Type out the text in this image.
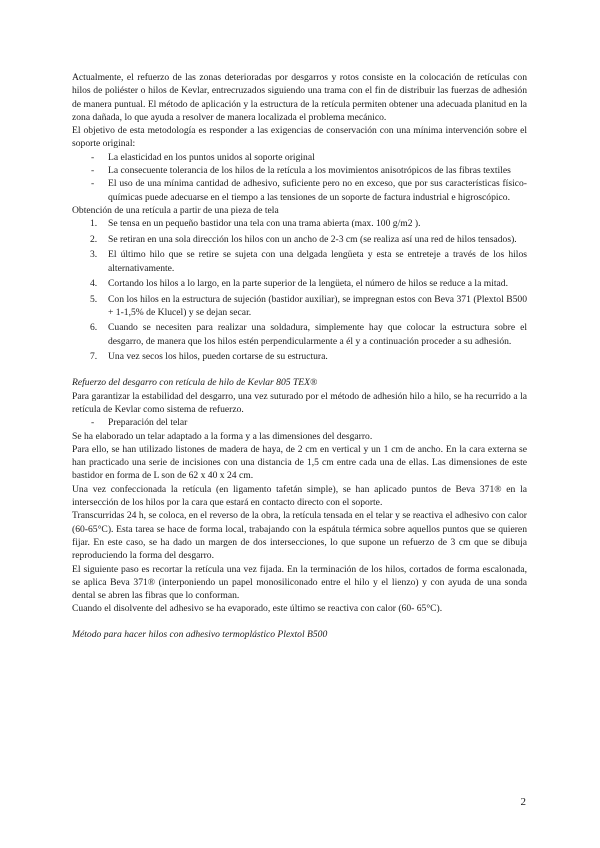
Actualmente, el refuerzo de las zonas deterioradas por desgarros y rotos consiste en la colocación de retículas con hilos de poliéster o hilos de Kevlar, entrecruzados siguiendo una trama con el fin de distribuir las fuerzas de adhesión de manera puntual. El método de aplicación y la estructura de la retícula permiten obtener una adecuada planitud en la zona dañada, lo que ayuda a resolver de manera localizada el problema mecánico.

El objetivo de esta metodología es responder a las exigencias de conservación con una mínima intervención sobre el soporte original:

- La elasticidad en los puntos unidos al soporte original
- La consecuente tolerancia de los hilos de la retícula a los movimientos anisotrópicos de las fibras textiles
- El uso de una mínima cantidad de adhesivo, suficiente pero no en exceso, que por sus características físico-químicas puede adecuarse en el tiempo a las tensiones de un soporte de factura industrial e higroscópico.

Obtención de una retícula a partir de una pieza de tela

1. Se tensa en un pequeño bastidor una tela con una trama abierta (max. 100 g/m2 ).
2. Se retiran en una sola dirección los hilos con un ancho de 2-3 cm (se realiza así una red de hilos tensados).
3. El último hilo que se retire se sujeta con una delgada lengüeta y esta se entreteje a través de los hilos alternativamente.
4. Cortando los hilos a lo largo, en la parte superior de la lengüeta, el número de hilos se reduce a la mitad.
5. Con los hilos en la estructura de sujeción (bastidor auxiliar), se impregnan estos con Beva 371 (Plextol B500 + 1-1,5% de Klucel) y se dejan secar.
6. Cuando se necesiten para realizar una soldadura, simplemente hay que colocar la estructura sobre el desgarro, de manera que los hilos estén perpendicularmente a él y a continuación proceder a su adhesión.
7. Una vez secos los hilos, pueden cortarse de su estructura.

Refuerzo del desgarro con retícula de hilo de Kevlar 805 TEX®

Para garantizar la estabilidad del desgarro, una vez suturado por el método de adhesión hilo a hilo, se ha recurrido a la retícula de Kevlar como sistema de refuerzo.

- Preparación del telar

Se ha elaborado un telar adaptado a la forma y a las dimensiones del desgarro.

Para ello, se han utilizado listones de madera de haya, de 2 cm en vertical y un 1 cm de ancho. En la cara externa se han practicado una serie de incisiones con una distancia de 1,5 cm entre cada una de ellas. Las dimensiones de este bastidor en forma de L son de 62 x 40 x 24 cm.

Una vez confeccionada la retícula (en ligamento tafetán simple), se han aplicado puntos de Beva 371® en la intersección de los hilos por la cara que estará en contacto directo con el soporte.

Transcurridas 24 h, se coloca, en el reverso de la obra, la retícula tensada en el telar y se reactiva el adhesivo con calor (60-65°C). Esta tarea se hace de forma local, trabajando con la espátula térmica sobre aquellos puntos que se quieren fijar. En este caso, se ha dado un margen de dos intersecciones, lo que supone un refuerzo de 3 cm que se dibuja reproduciendo la forma del desgarro.

El siguiente paso es recortar la retícula una vez fijada. En la terminación de los hilos, cortados de forma escalonada, se aplica Beva 371® (interponiendo un papel monosiliconado entre el hilo y el lienzo) y con ayuda de una sonda dental se abren las fibras que lo conforman.

Cuando el disolvente del adhesivo se ha evaporado, este último se reactiva con calor (60- 65°C).

Método para hacer hilos con adhesivo termoplástico Plextol B500

2
